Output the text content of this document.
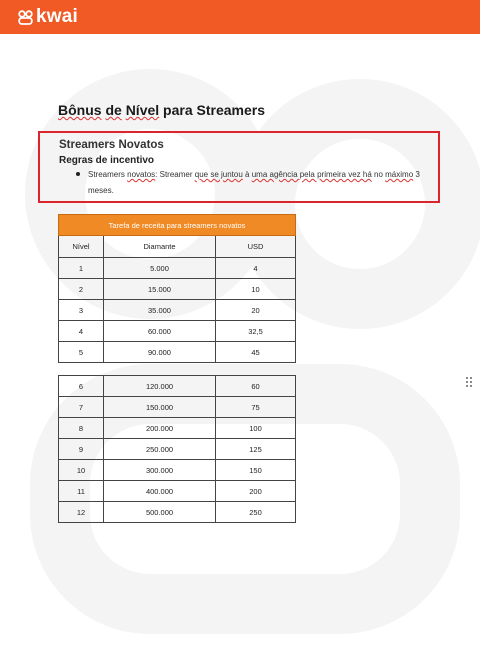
kwai
Bônus de Nível para Streamers
Streamers Novatos
Regras de incentivo
Streamers novatos: Streamer que se juntou à uma agência pela primeira vez há no máximo 3 meses.
Tarefa de receita para streamers novatos		
Nível	Diamante	USD
1	5.000	4
2	15.000	10
3	35.000	20
4	60.000	32,5
5	90.000	45
6	120.000	60
7	150.000	75
8	200.000	100
9	250.000	125
10	300.000	150
11	400.000	200
12	500.000	250
